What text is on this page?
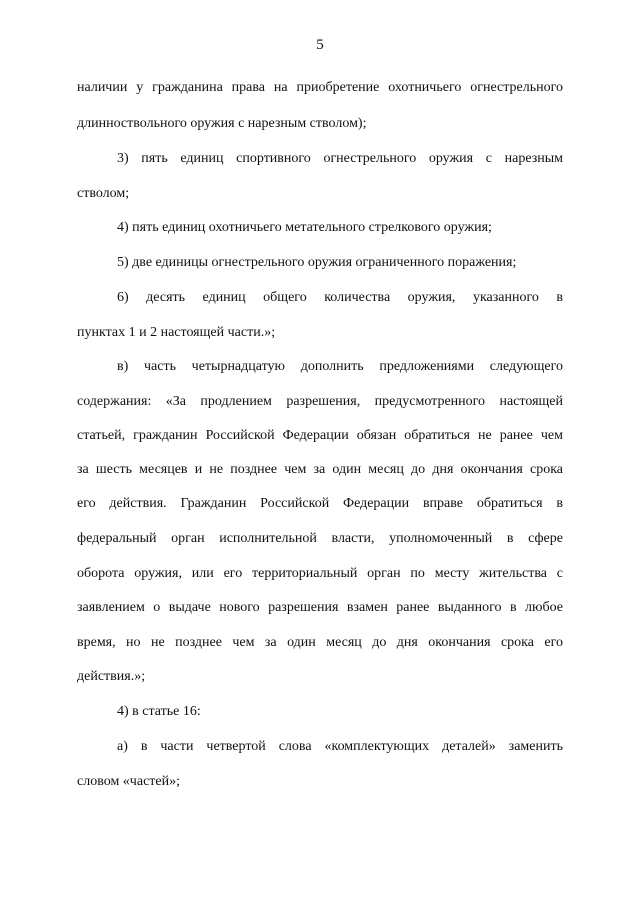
5
наличии у гражданина права на приобретение охотничьего огнестрельного
длинноствольного оружия с нарезным стволом);
3) пять единиц спортивного огнестрельного оружия с нарезным
стволом;
4) пять единиц охотничьего метательного стрелкового оружия;
5) две единицы огнестрельного оружия ограниченного поражения;
6) десять единиц общего количества оружия, указанного в
пунктах 1 и 2 настоящей части.»;
в) часть четырнадцатую дополнить предложениями следующего
содержания: «За продлением разрешения, предусмотренного настоящей
статьей, гражданин Российской Федерации обязан обратиться не ранее чем
за шесть месяцев и не позднее чем за один месяц до дня окончания срока
его действия. Гражданин Российской Федерации вправе обратиться в
федеральный орган исполнительной власти, уполномоченный в сфере
оборота оружия, или его территориальный орган по месту жительства с
заявлением о выдаче нового разрешения взамен ранее выданного в любое
время, но не позднее чем за один месяц до дня окончания срока его
действия.»;
4) в статье 16:
а) в части четвертой слова «комплектующих деталей» заменить
словом «частей»;
